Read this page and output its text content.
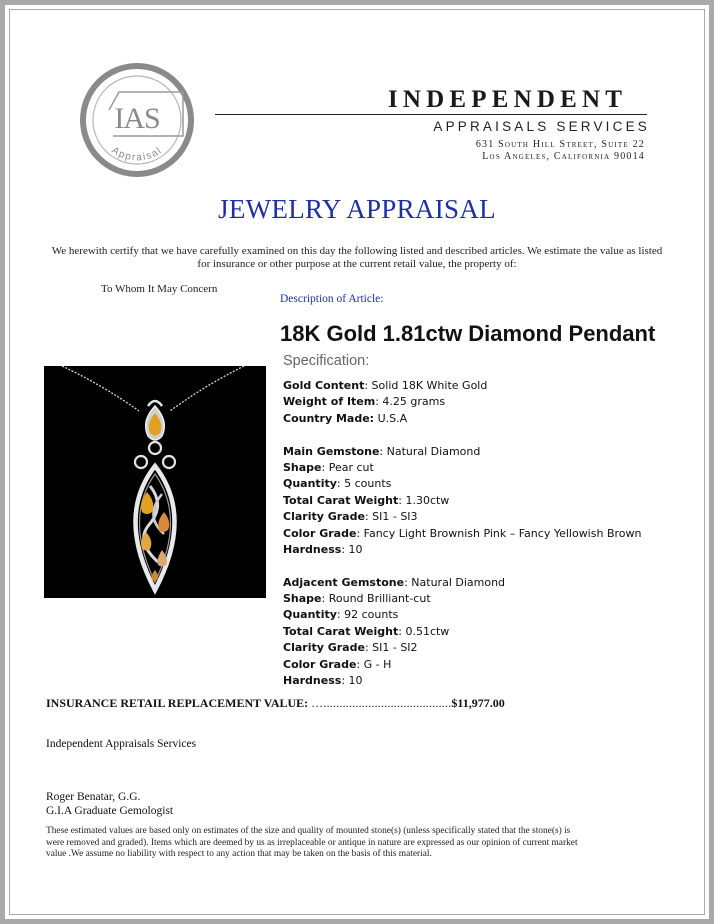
IAS
Appraisal
INDEPENDENT
APPRAISALS SERVICES
631 South Hill Street, Suite 22
Los Angeles, California 90014
JEWELRY APPRAISAL
We herewith certify that we have carefully examined on this day the following listed and described articles. We estimate the value as listed for insurance or other purpose at the current retail value, the property of:
To Whom It May Concern
Description of Article:
18K Gold 1.81ctw Diamond Pendant
Specification:
Gold Content: Solid 18K White Gold
Weight of Item: 4.25 grams
Country Made: U.S.A
Main Gemstone: Natural Diamond
Shape: Pear cut
Quantity: 5 counts
Total Carat Weight: 1.30ctw
Clarity Grade: SI1 - SI3
Color Grade: Fancy Light Brownish Pink – Fancy Yellowish Brown
Hardness: 10
Adjacent Gemstone: Natural Diamond
Shape: Round Brilliant-cut
Quantity: 92 counts
Total Carat Weight: 0.51ctw
Clarity Grade: SI1 - SI2
Color Grade: G - H
Hardness: 10
INSURANCE RETAIL REPLACEMENT VALUE: …........................................$11,977.00
Independent Appraisals Services
Roger Benatar, G.G.
G.I.A Graduate Gemologist
These estimated values are based only on estimates of the size and quality of mounted stone(s) (unless specifically stated that the stone(s) is were removed and graded). Items which are deemed by us as irreplaceable or antique in nature are expressed as our opinion of current market value .We assume no liability with respect to any action that may be taken on the basis of this material.
